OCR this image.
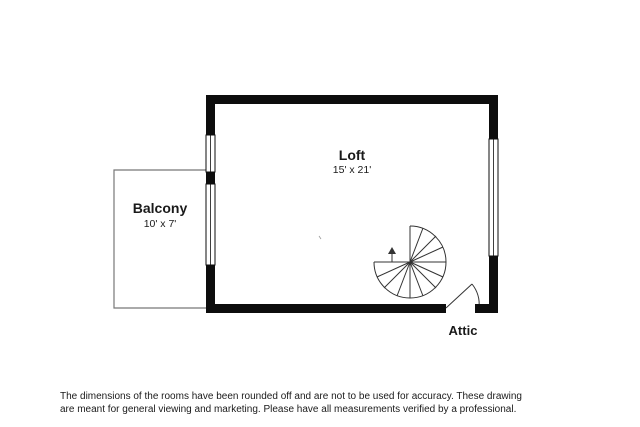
Loft
15' x 21'
Balcony
10' x 7'
Attic
The dimensions of the rooms have been rounded off and are not to be used for accuracy. These drawing
are meant for general viewing and marketing. Please have all measurements verified by a professional.
